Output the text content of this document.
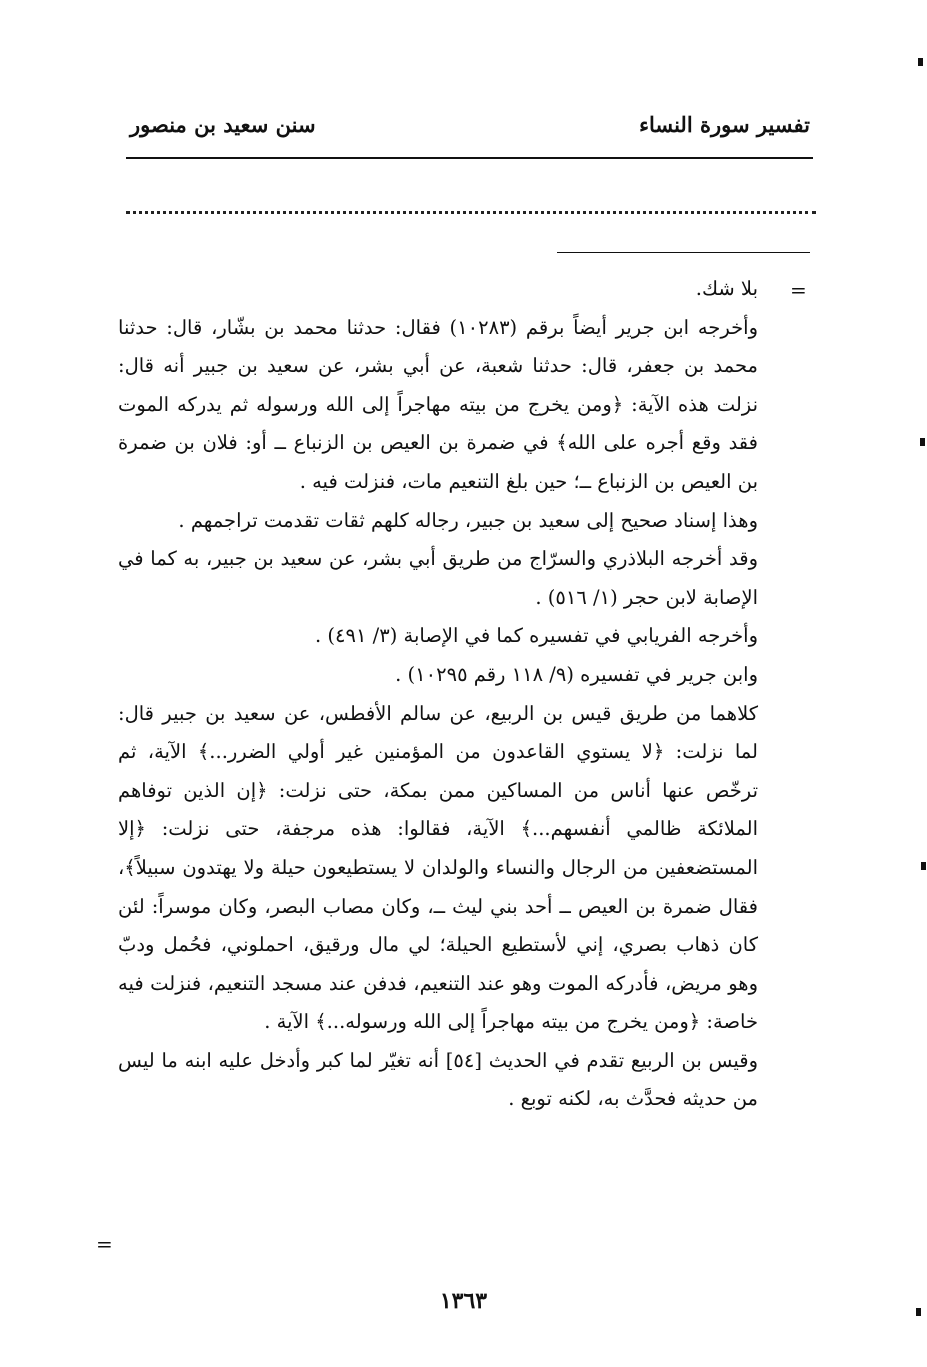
تفسير سورة النساء
سنن سعيد بن منصور
=

بلا شك.

وأخرجه ابن جرير أيضاً برقم (١٠٢٨٣) فقال: حدثنا محمد بن بشّار، قال: حدثنا محمد بن جعفر، قال: حدثنا شعبة، عن أبي بشر، عن سعيد بن جبير أنه قال: نزلت هذه الآية: ﴿ومن يخرج من بيته مهاجراً إلى الله ورسوله ثم يدركه الموت فقد وقع أجره على الله﴾ في ضمرة بن العيص بن الزنباع ــ أو: فلان بن ضمرة بن العيص بن الزنباع ــ؛ حين بلغ التنعيم مات، فنزلت فيه .

وهذا إسناد صحيح إلى سعيد بن جبير، رجاله كلهم ثقات تقدمت تراجمهم .

وقد أخرجه البلاذري والسرّاج من طريق أبي بشر، عن سعيد بن جبير، به كما في الإصابة لابن حجر (١/ ٥١٦) .

وأخرجه الفريابي في تفسيره كما في الإصابة (٣/ ٤٩١) .

وابن جرير في تفسيره (٩/ ١١٨ رقم ١٠٢٩٥) .

كلاهما من طريق قيس بن الربيع، عن سالم الأفطس، عن سعيد بن جبير قال: لما نزلت: ﴿لا يستوي القاعدون من المؤمنين غير أولي الضرر...﴾ الآية، ثم ترخّص عنها أناس من المساكين ممن بمكة، حتى نزلت: ﴿إن الذين توفاهم الملائكة ظالمي أنفسهم...﴾ الآية، فقالوا: هذه مرجفة، حتى نزلت: ﴿إلا المستضعفين من الرجال والنساء والولدان لا يستطيعون حيلة ولا يهتدون سبيلاً﴾، فقال ضمرة بن العيص ــ أحد بني ليث ــ، وكان مصاب البصر، وكان موسراً: لئن كان ذهاب بصري، إني لأستطيع الحيلة؛ لي مال ورقيق، احملوني، فحُمل ودبّ وهو مريض، فأدركه الموت وهو عند التنعيم، فدفن عند مسجد التنعيم، فنزلت فيه خاصة: ﴿ومن يخرج من بيته مهاجراً إلى الله ورسوله...﴾ الآية .

وقيس بن الربيع تقدم في الحديث [٥٤] أنه تغيّر لما كبر وأدخل عليه ابنه ما ليس من حديثه فحدَّث به، لكنه توبع .

=
١٣٦٣
